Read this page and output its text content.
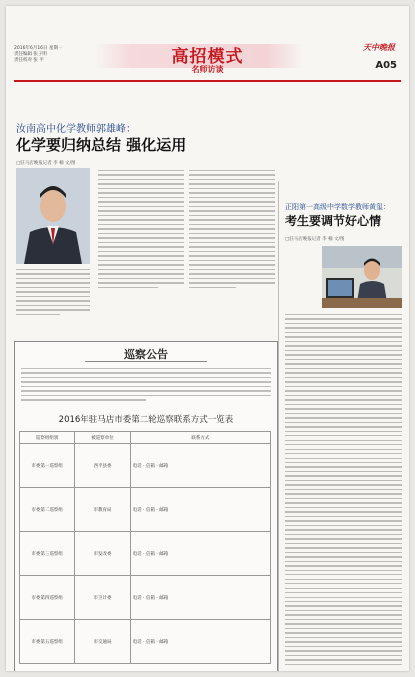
2016年6月16日 星期一
责任编辑 张子明
责任校对 张 平	高招模式
名师访谈
天中晚报
A05
汝南高中化学教师郭雄峰：
化学要归纳总结 强化运用
□驻马店晚报记者 李 楠 文/图
正阳第一高级中学数学教师黄玺：
考生要调节好心情
□驻马店晚报记者 李 楠 文/图
巡察公告
2016年驻马店市委第二轮巡察联系方式一览表
巡察组组别	被巡察单位	联系方式
市委第一巡察组	西平县委	电话 · 信箱 · 邮箱
市委第二巡察组	市教育局	电话 · 信箱 · 邮箱
市委第三巡察组	市发改委	电话 · 信箱 · 邮箱
市委第四巡察组	市卫计委	电话 · 信箱 · 邮箱
市委第五巡察组	市交通局	电话 · 信箱 · 邮箱
